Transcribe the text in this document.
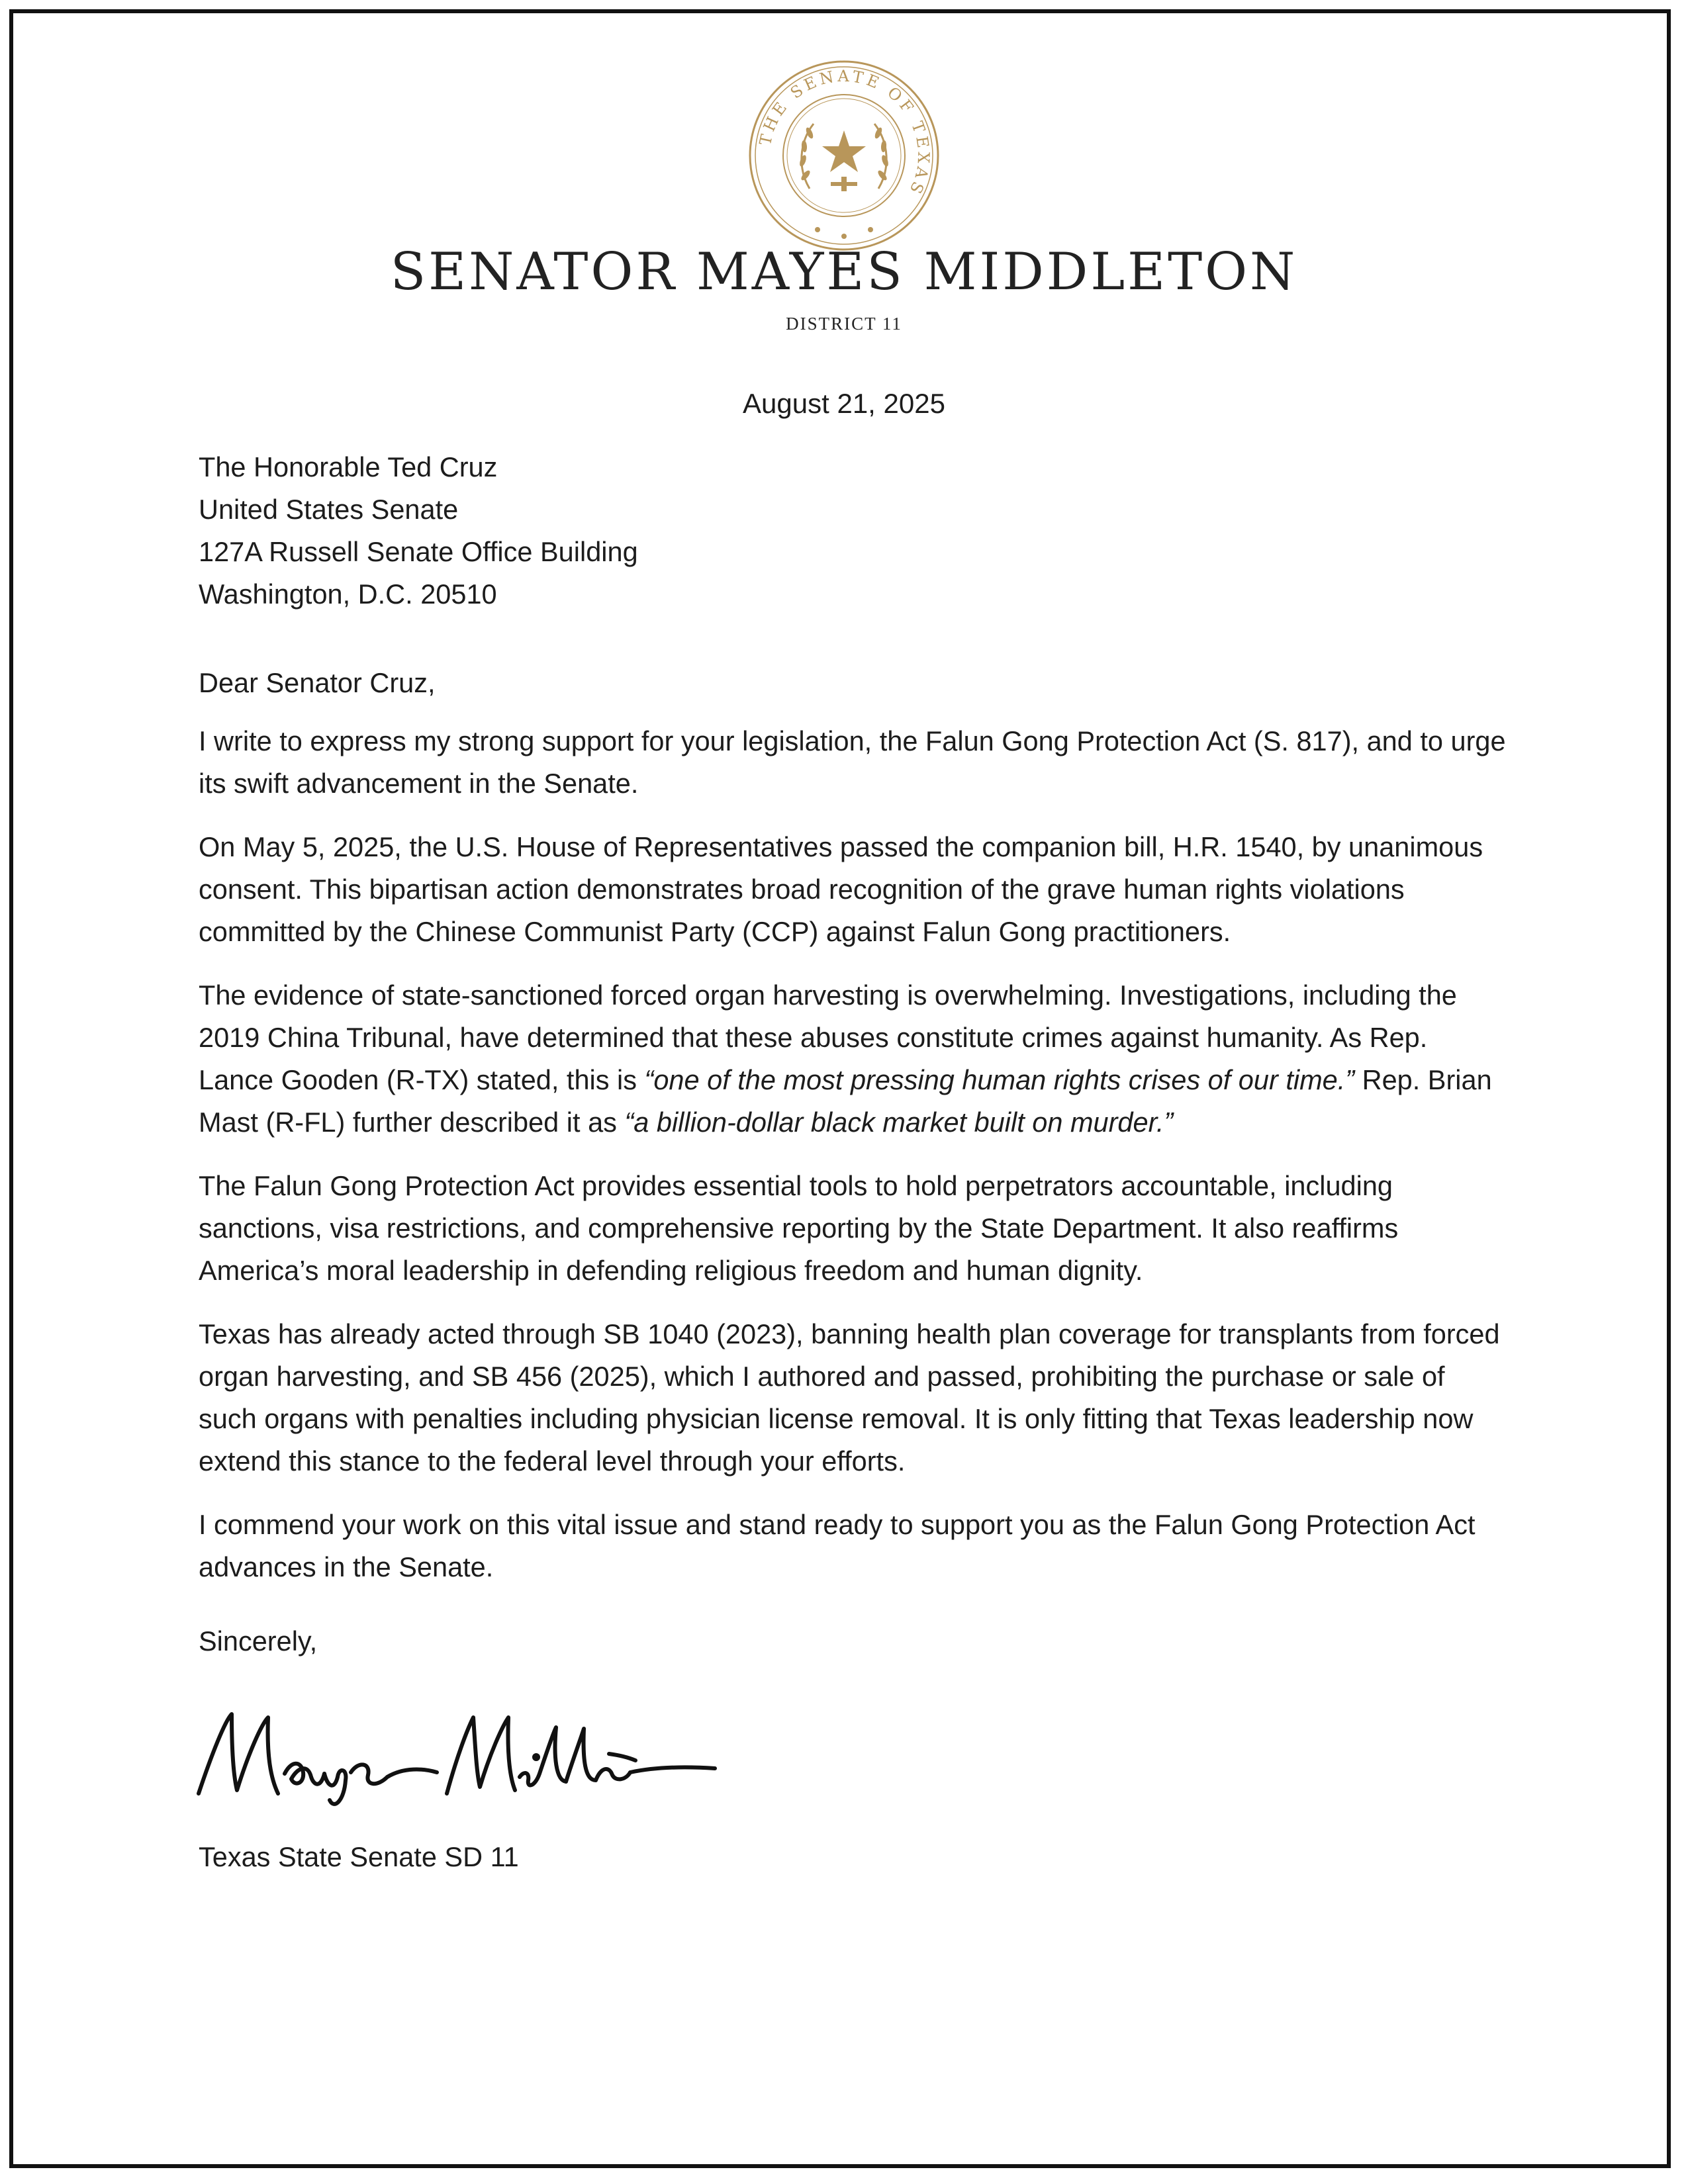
THE SENATE OF TEXAS
SENATOR MAYES MIDDLETON
DISTRICT 11
August 21, 2025
The Honorable Ted Cruz
United States Senate
127A Russell Senate Office Building
Washington, D.C. 20510
Dear Senator Cruz,

I write to express my strong support for your legislation, the Falun Gong Protection Act (S. 817), and to urge its swift advancement in the Senate.

On May 5, 2025, the U.S. House of Representatives passed the companion bill, H.R. 1540, by unanimous consent. This bipartisan action demonstrates broad recognition of the grave human rights violations committed by the Chinese Communist Party (CCP) against Falun Gong practitioners.

The evidence of state-sanctioned forced organ harvesting is overwhelming. Investigations, including the 2019 China Tribunal, have determined that these abuses constitute crimes against humanity. As Rep. Lance Gooden (R-TX) stated, this is “one of the most pressing human rights crises of our time.” Rep. Brian Mast (R-FL) further described it as “a billion-dollar black market built on murder.”

The Falun Gong Protection Act provides essential tools to hold perpetrators accountable, including sanctions, visa restrictions, and comprehensive reporting by the State Department. It also reaffirms America’s moral leadership in defending religious freedom and human dignity.

Texas has already acted through SB 1040 (2023), banning health plan coverage for transplants from forced organ harvesting, and SB 456 (2025), which I authored and passed, prohibiting the purchase or sale of such organs with penalties including physician license removal. It is only fitting that Texas leadership now extend this stance to the federal level through your efforts.

I commend your work on this vital issue and stand ready to support you as the Falun Gong Protection Act advances in the Senate.

Sincerely,
Texas State Senate SD 11
